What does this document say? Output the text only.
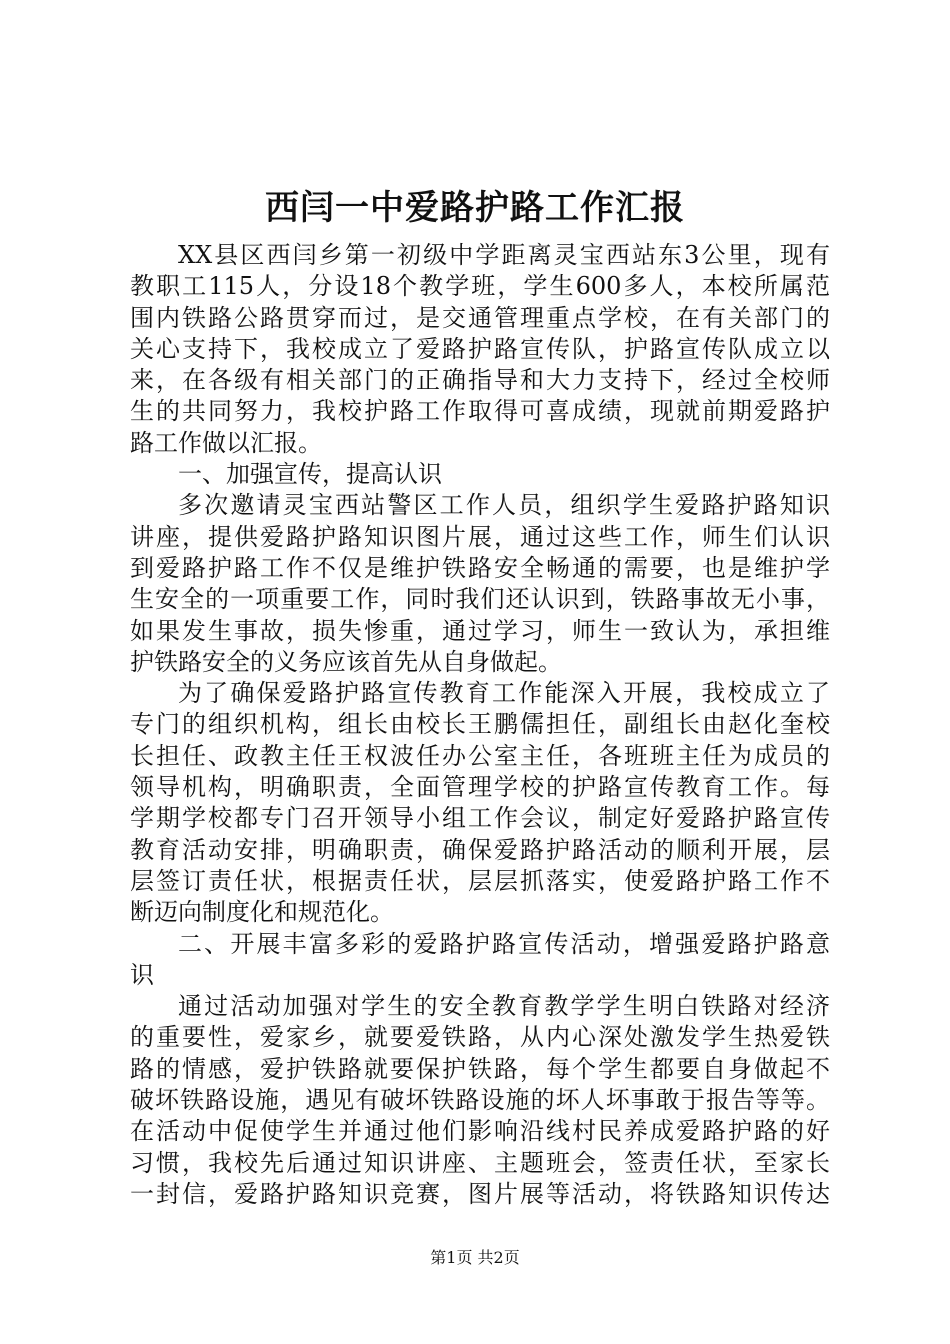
西闫一中爱路护路工作汇报
XX县区西闫乡第一初级中学距离灵宝西站东3公里，现有
教职工115人，分设18个教学班，学生600多人，本校所属范
围内铁路公路贯穿而过，是交通管理重点学校，在有关部门的
关心支持下，我校成立了爱路护路宣传队，护路宣传队成立以
来，在各级有相关部门的正确指导和大力支持下，经过全校师
生的共同努力，我校护路工作取得可喜成绩，现就前期爱路护
路工作做以汇报。
一、加强宣传，提高认识
多次邀请灵宝西站警区工作人员，组织学生爱路护路知识
讲座，提供爱路护路知识图片展，通过这些工作，师生们认识
到爱路护路工作不仅是维护铁路安全畅通的需要，也是维护学
生安全的一项重要工作，同时我们还认识到，铁路事故无小事，
如果发生事故，损失惨重，通过学习，师生一致认为，承担维
护铁路安全的义务应该首先从自身做起。
为了确保爱路护路宣传教育工作能深入开展，我校成立了
专门的组织机构，组长由校长王鹏儒担任，副组长由赵化奎校
长担任、政教主任王权波任办公室主任，各班班主任为成员的
领导机构，明确职责，全面管理学校的护路宣传教育工作。每
学期学校都专门召开领导小组工作会议，制定好爱路护路宣传
教育活动安排，明确职责，确保爱路护路活动的顺利开展，层
层签订责任状，根据责任状，层层抓落实，使爱路护路工作不
断迈向制度化和规范化。
二、开展丰富多彩的爱路护路宣传活动，增强爱路护路意
识
通过活动加强对学生的安全教育教学学生明白铁路对经济
的重要性，爱家乡，就要爱铁路，从内心深处激发学生热爱铁
路的情感，爱护铁路就要保护铁路，每个学生都要自身做起不
破坏铁路设施，遇见有破坏铁路设施的坏人坏事敢于报告等等。
在活动中促使学生并通过他们影响沿线村民养成爱路护路的好
习惯，我校先后通过知识讲座、主题班会，签责任状，至家长
一封信，爱路护路知识竞赛，图片展等活动，将铁路知识传达
第1页 共2页
